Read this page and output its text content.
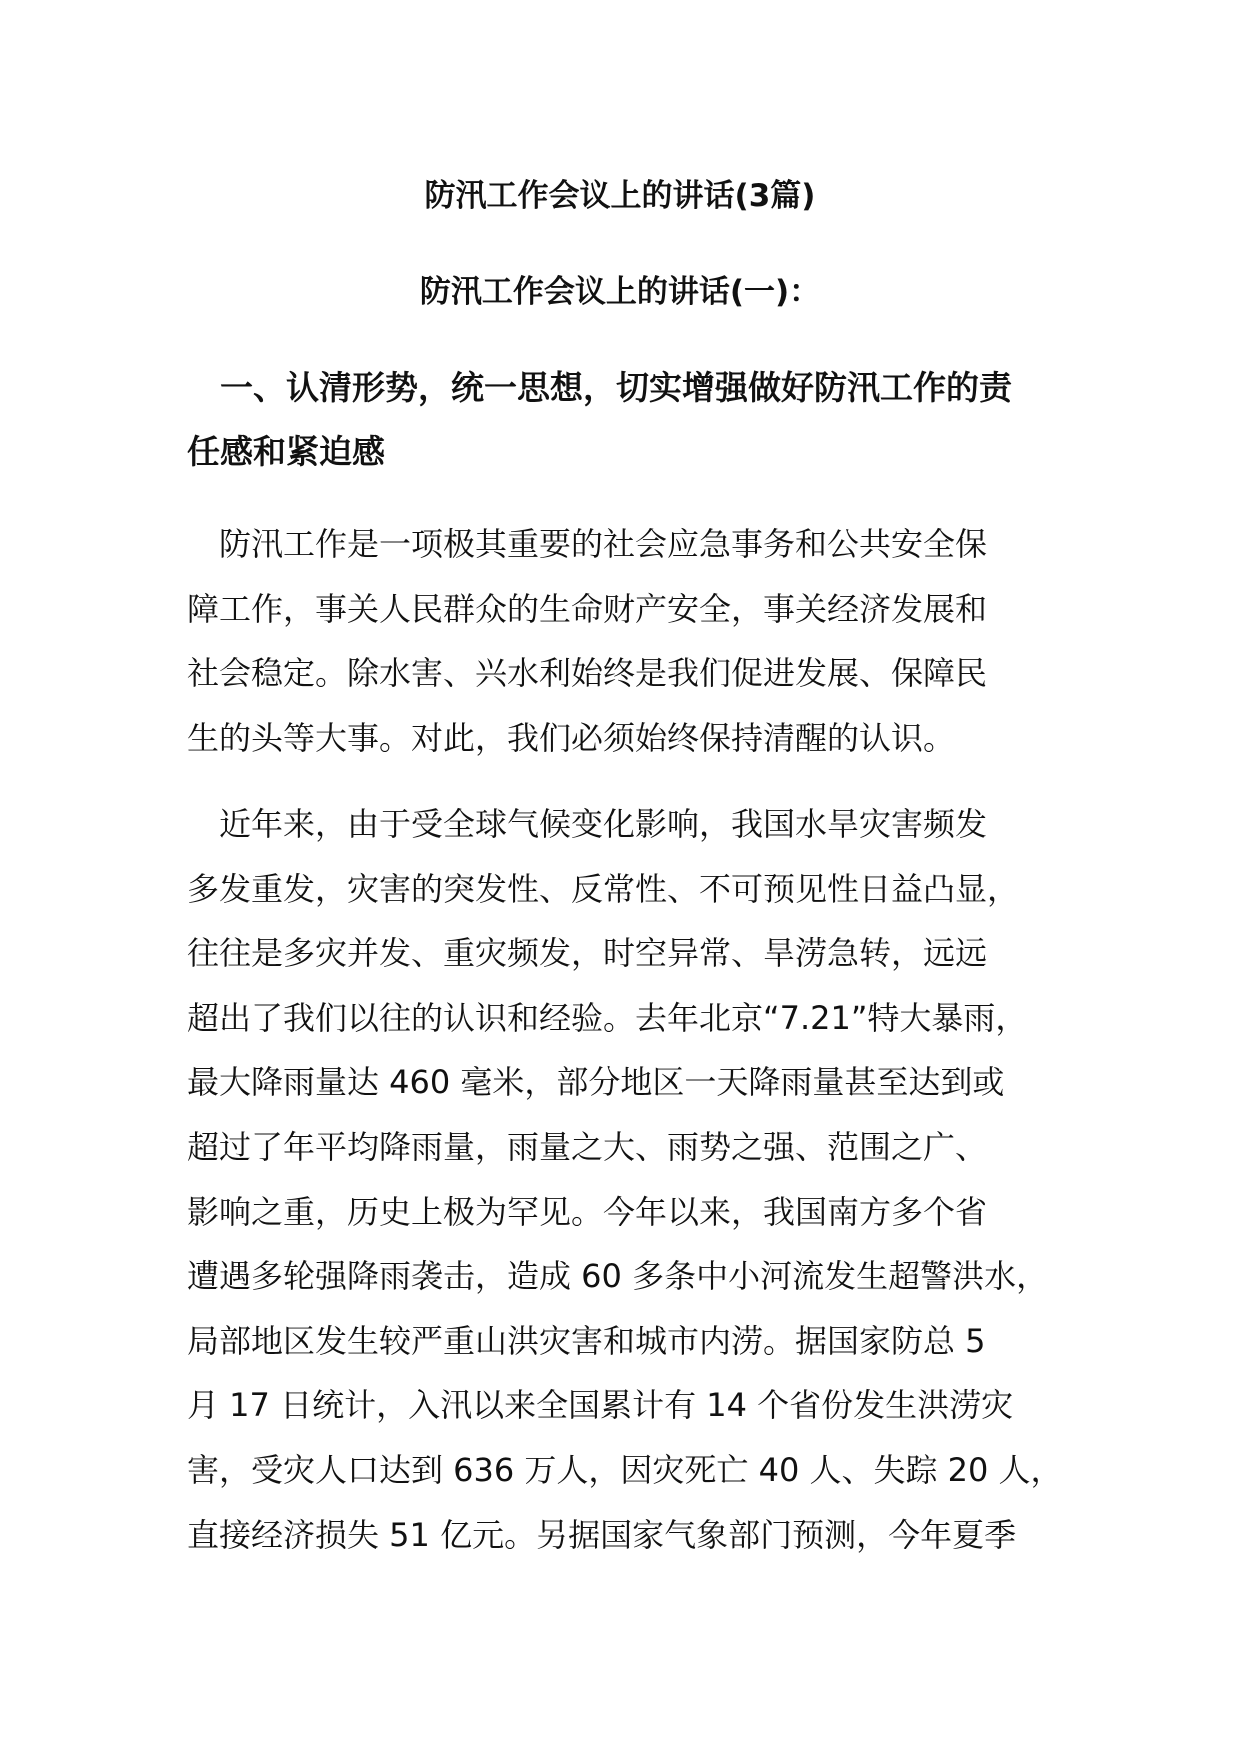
防汛工作会议上的讲话(3篇)
防汛工作会议上的讲话(一)：
　一、认清形势，统一思想，切实增强做好防汛工作的责
任感和紧迫感
　防汛工作是一项极其重要的社会应急事务和公共安全保
障工作，事关人民群众的生命财产安全，事关经济发展和
社会稳定。除水害、兴水利始终是我们促进发展、保障民
生的头等大事。对此，我们必须始终保持清醒的认识。
　近年来，由于受全球气候变化影响，我国水旱灾害频发
多发重发，灾害的突发性、反常性、不可预见性日益凸显，
往往是多灾并发、重灾频发，时空异常、旱涝急转，远远
超出了我们以往的认识和经验。去年北京“7.21”特大暴雨，
最大降雨量达 460 毫米，部分地区一天降雨量甚至达到或
超过了年平均降雨量，雨量之大、雨势之强、范围之广、
影响之重，历史上极为罕见。今年以来，我国南方多个省
遭遇多轮强降雨袭击，造成 60 多条中小河流发生超警洪水，
局部地区发生较严重山洪灾害和城市内涝。据国家防总 5
月 17 日统计，入汛以来全国累计有 14 个省份发生洪涝灾
害，受灾人口达到 636 万人，因灾死亡 40 人、失踪 20 人，
直接经济损失 51 亿元。另据国家气象部门预测，今年夏季
